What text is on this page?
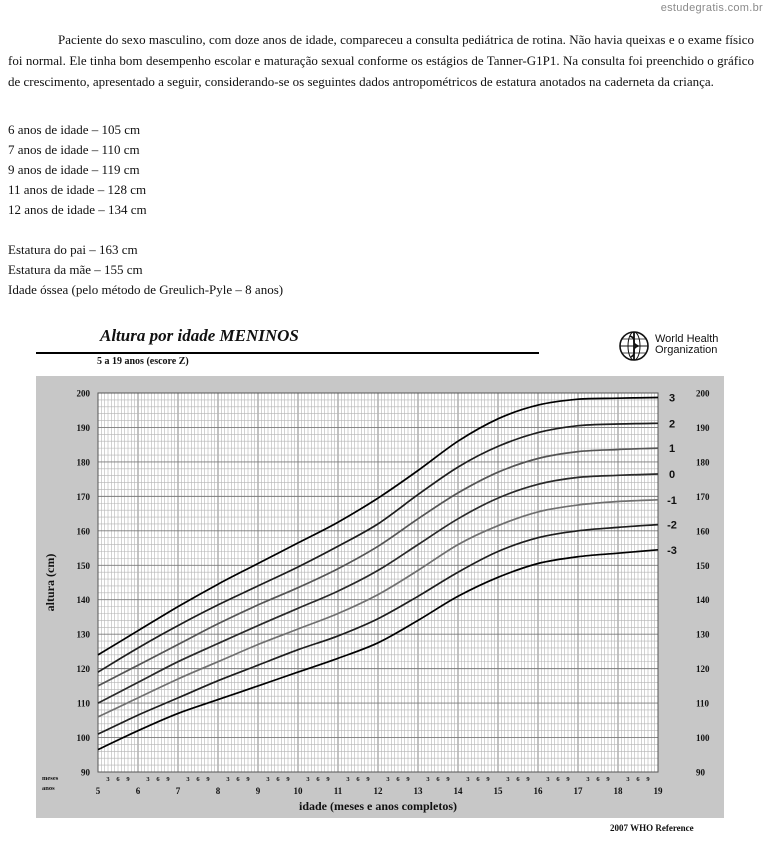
estudegratis.com.br

Paciente do sexo masculino, com doze anos de idade, compareceu a consulta pediátrica de rotina. Não havia queixas e o exame físico foi normal. Ele tinha bom desempenho escolar e maturação sexual conforme os estágios de Tanner-G1P1. Na consulta foi preenchido o gráfico de crescimento, apresentado a seguir, considerando-se os seguintes dados antropométricos de estatura anotados na caderneta da criança.

6 anos de idade – 105 cm
7 anos de idade – 110 cm
9 anos de idade – 119 cm
11 anos de idade – 128 cm
12 anos de idade – 134 cm
Estatura do pai – 163 cm
Estatura da mãe – 155 cm
Idade óssea (pelo método de Greulich-Pyle – 8 anos)
Altura por idade MENINOS
5 a 19 anos (escore Z)
World Health
Organization
90	90
100	100
110	110
120	120
130	130
140	140
150	150
160	160
170	170
180	180
190	190
200	200
meses
anos
3 6 9	3 6 9	3 6 9	3 6 9	3 6 9	3 6 9	3 6 9	3 6 9	3 6 9	3 6 9	3 6 9	3 6 9	3 6 9	3 6 9
5	6	7	8	9	10	11	12	13	14	15	16	17	18	19
idade (meses e anos completos)
altura (cm)
3
2
1
0
-1
-2
-3
2007 WHO Reference
